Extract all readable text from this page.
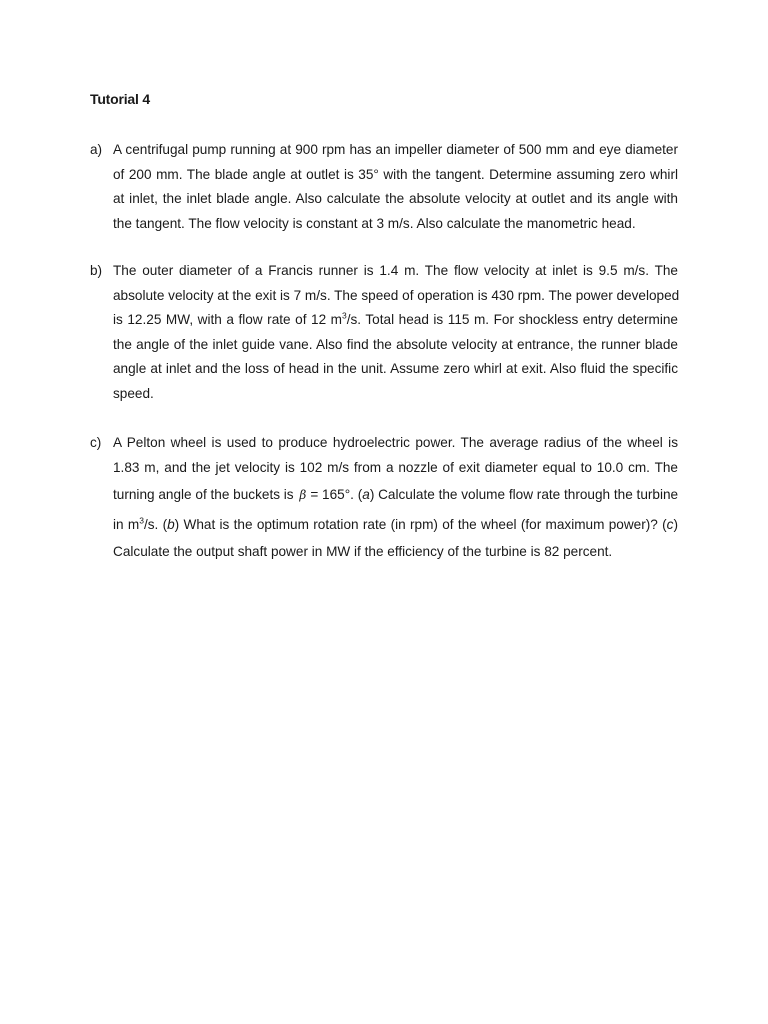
Tutorial 4
a) A centrifugal pump running at 900 rpm has an impeller diameter of 500 mm and eye diameter
of 200 mm. The blade angle at outlet is 35° with the tangent. Determine assuming zero whirl
at inlet, the inlet blade angle. Also calculate the absolute velocity at outlet and its angle with
the tangent. The flow velocity is constant at 3 m/s. Also calculate the manometric head.
b) The outer diameter of a Francis runner is 1.4 m. The flow velocity at inlet is 9.5 m/s. The
absolute velocity at the exit is 7 m/s. The speed of operation is 430 rpm. The power developed
is 12.25 MW, with a flow rate of 12 $m^3/s$. Total head is 115 m. For shockless entry determine
the angle of the inlet guide vane. Also find the absolute velocity at entrance, the runner blade
angle at inlet and the loss of head in the unit. Assume zero whirl at exit. Also fluid the specific
speed.
c) A Pelton wheel is used to produce hydroelectric power. The average radius of the wheel is
1.83 m, and the jet velocity is 102 m/s from a nozzle of exit diameter equal to 10.0 cm. The
turning angle of the buckets is β = 165°. (a) Calculate the volume flow rate through the turbine
in $m^3/s$. (b) What is the optimum rotation rate (in rpm) of the wheel (for maximum power)? (c)
Calculate the output shaft power in MW if the efficiency of the turbine is 82 percent.
